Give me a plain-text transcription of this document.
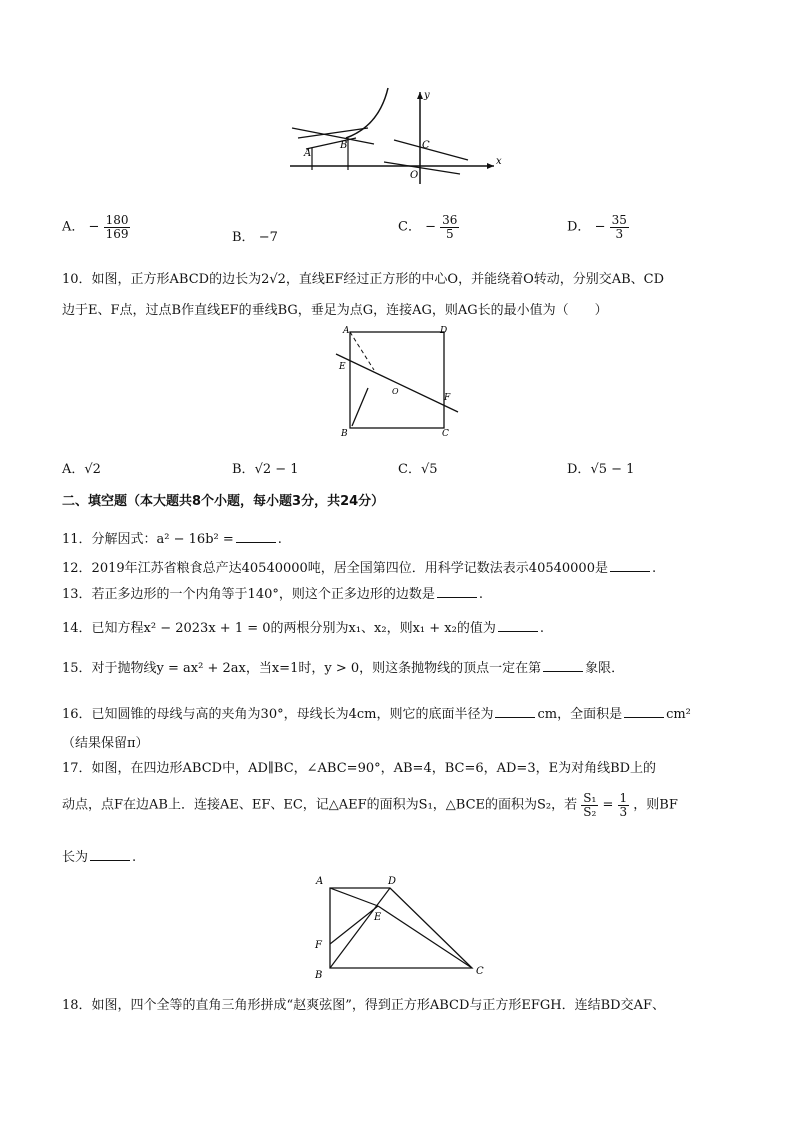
y
x
O
C
A
B
A． − $\frac{180}{169}$	B． −7
C． − $\frac{36}{5}$	D． − $\frac{35}{3}$
10．如图，正方形ABCD的边长为2√2，直线EF经过正方形的中心O，并能绕着O转动，分别交AB、CD
边于E、F点，过点B作直线EF的垂线BG，垂足为点G，连接AG，则AG长的最小值为（　　）
A	D
E
F
O
B	C
A．√2	B．√2 − 1	C．√5	D．√5 − 1
二、填空题（本大题共8个小题，每小题3分，共24分）
11．分解因式：a² − 16b² =	.
12．2019年江苏省粮食总产达40540000吨，居全国第四位．用科学记数法表示40540000是	.
13．若正多边形的一个内角等于140°，则这个正多边形的边数是	.
14．已知方程x² − 2023x + 1 = 0的两根分别为x₁、x₂，则x₁ + x₂的值为	.
15．对于抛物线y = ax² + 2ax，当x=1时，y > 0，则这条抛物线的顶点一定在第	象限．
16．已知圆锥的母线与高的夹角为30°，母线长为4cm，则它的底面半径为	cm，全面积是	cm²
（结果保留π）
17．如图，在四边形ABCD中，AD∥BC，∠ABC=90°，AB=4，BC=6，AD=3，E为对角线BD上的
动点，点F在边AB上．连接AE、EF、EC，记△AEF的面积为S₁，△BCE的面积为S₂，若 $\frac{\text{S₁}}{\text{S₂}} = \frac{1}{3}$ ，则BF
长为	.
A	D
E
F
B	C
18．如图，四个全等的直角三角形拼成“赵爽弦图”，得到正方形ABCD与正方形EFGH．连结BD交AF、
